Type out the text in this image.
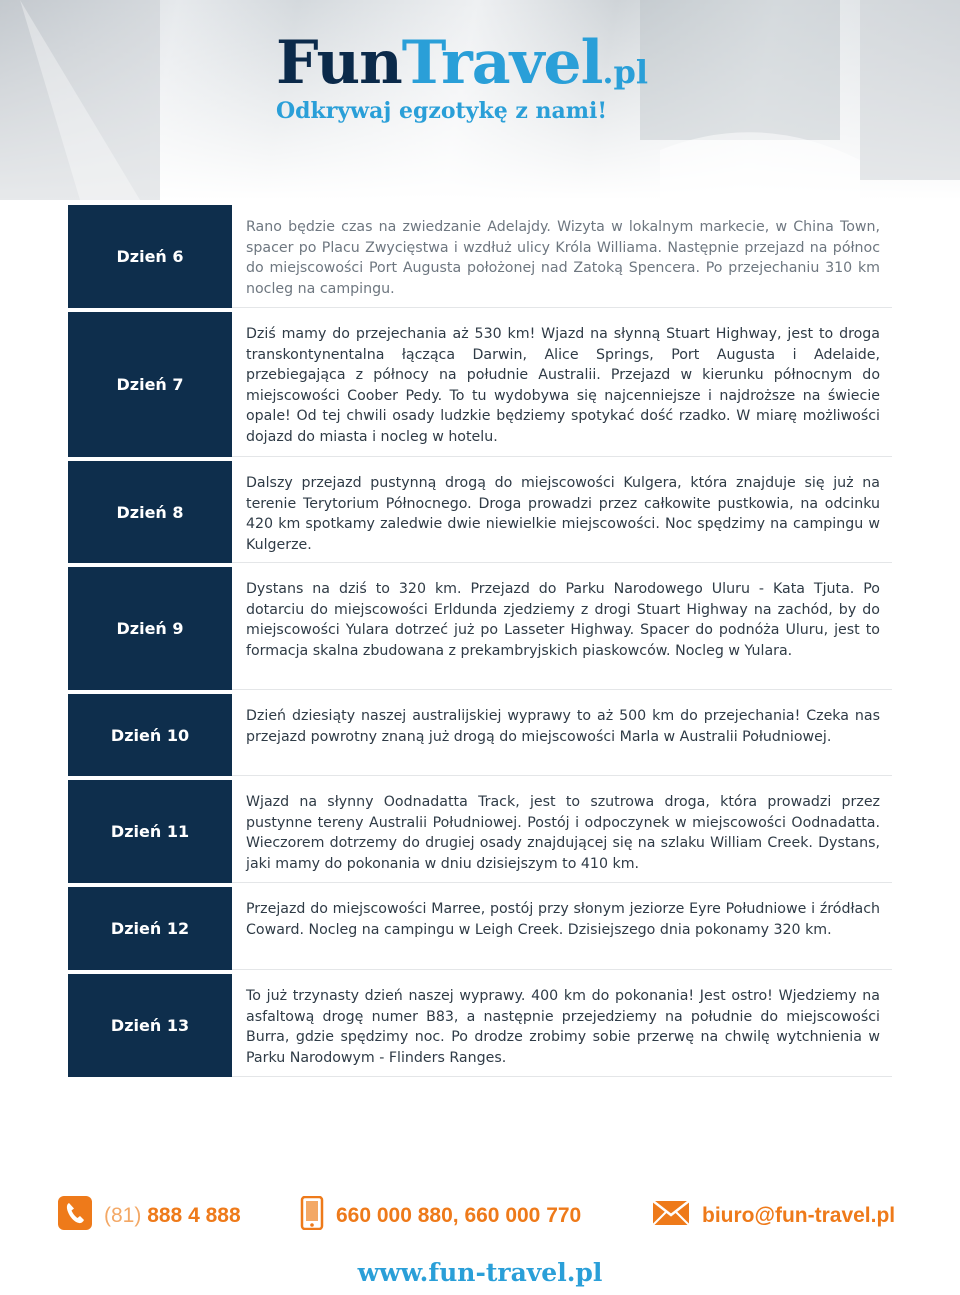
FunTravel.pl
Odkrywaj egzotykę z nami!
Dzień 6
Rano będzie czas na zwiedzanie Adelajdy. Wizyta w lokalnym markecie, w China Town, spacer po Placu Zwycięstwa i wzdłuż ulicy Króla Williama. Następnie przejazd na północ do miejscowości Port Augusta położonej nad Zatoką Spencera. Po przejechaniu 310 km nocleg na campingu.
Dzień 7
Dziś mamy do przejechania aż 530 km! Wjazd na słynną Stuart Highway, jest to droga transkontynentalna łącząca Darwin, Alice Springs, Port Augusta i Adelaide, przebiegająca z północy na południe Australii. Przejazd w kierunku północnym do miejscowości Coober Pedy. To tu wydobywa się najcenniejsze i najdroższe na świecie opale! Od tej chwili osady ludzkie będziemy spotykać dość rzadko. W miarę możliwości dojazd do miasta i nocleg w hotelu.
Dzień 8
Dalszy przejazd pustynną drogą do miejscowości Kulgera, która znajduje się już na terenie Terytorium Północnego. Droga prowadzi przez całkowite pustkowia, na odcinku 420 km spotkamy zaledwie dwie niewielkie miejscowości. Noc spędzimy na campingu w Kulgerze.
Dzień 9
Dystans na dziś to 320 km. Przejazd do Parku Narodowego Uluru - Kata Tjuta. Po dotarciu do miejscowości Erldunda zjedziemy z drogi Stuart Highway na zachód, by do miejscowości Yulara dotrzeć już po Lasseter Highway. Spacer do podnóża Uluru, jest to formacja skalna zbudowana z prekambryjskich piaskowców. Nocleg w Yulara.
Dzień 10
Dzień dziesiąty naszej australijskiej wyprawy to aż 500 km do przejechania! Czeka nas przejazd powrotny znaną już drogą do miejscowości Marla w Australii Południowej.
Dzień 11
Wjazd na słynny Oodnadatta Track, jest to szutrowa droga, która prowadzi przez pustynne tereny Australii Południowej. Postój i odpoczynek w miejscowości Oodnadatta. Wieczorem dotrzemy do drugiej osady znajdującej się na szlaku William Creek. Dystans, jaki mamy do pokonania w dniu dzisiejszym to 410 km.
Dzień 12
Przejazd do miejscowości Marree, postój przy słonym jeziorze Eyre Południowe i źródłach Coward. Nocleg na campingu w Leigh Creek. Dzisiejszego dnia pokonamy 320 km.
Dzień 13
To już trzynasty dzień naszej wyprawy. 400 km do pokonania! Jest ostro! Wjedziemy na asfaltową drogę numer B83, a następnie przejedziemy na południe do miejscowości Burra, gdzie spędzimy noc. Po drodze zrobimy sobie przerwę na chwilę wytchnienia w Parku Narodowym - Flinders Ranges.
(81)
888 4 888	660 000 880, 660 000 770	biuro@fun-travel.pl
www.fun-travel.pl
